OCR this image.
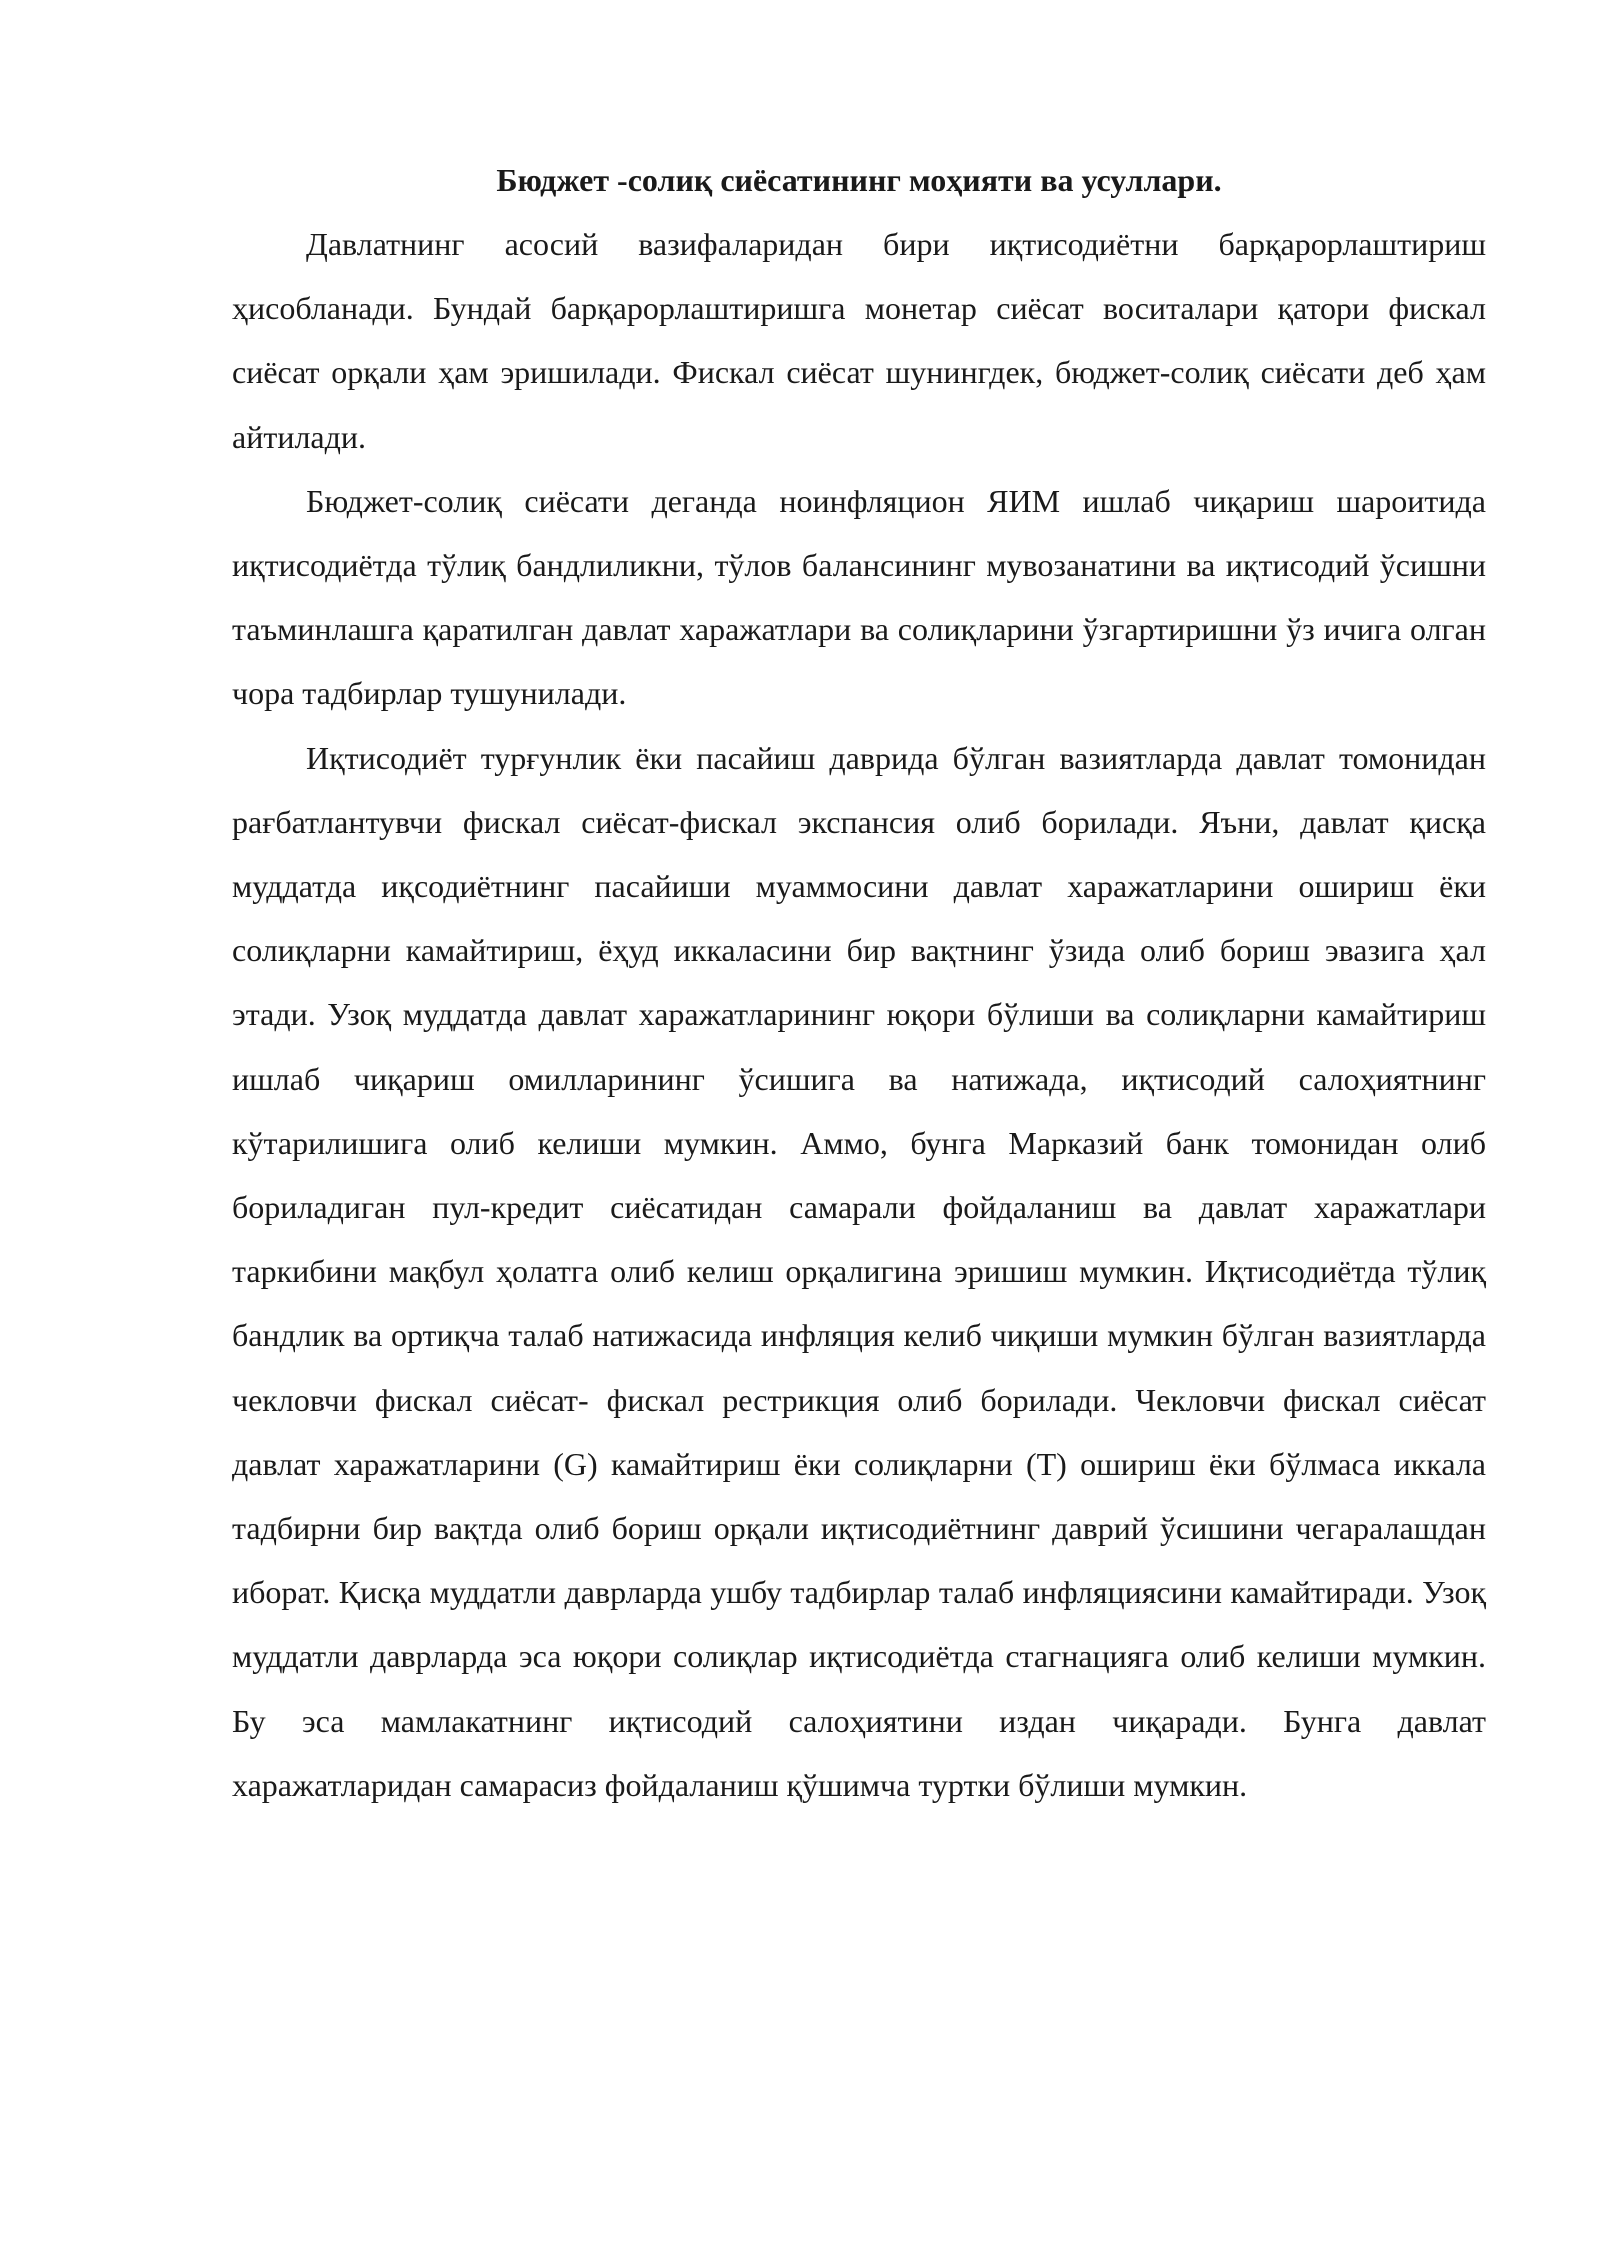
Бюджет -солиқ сиёсатининг моҳияти ва усуллари.

Давлатнинг асосий вазифаларидан бири иқтисодиётни барқарорлаштириш ҳисобланади. Бундай барқарорлаштиришга монетар сиёсат воситалари қатори фискал сиёсат орқали ҳам эришилади. Фискал сиёсат шунингдек, бюджет-солиқ сиёсати деб ҳам айтилади.

Бюджет-солиқ сиёсати деганда ноинфляцион ЯИМ ишлаб чиқариш шароитида иқтисодиётда тўлиқ бандлиликни, тўлов балансининг мувозанатини ва иқтисодий ўсишни таъминлашга қаратилган давлат харажатлари ва солиқларини ўзгартиришни ўз ичига олган чора тадбирлар тушунилади.

Иқтисодиёт турғунлик ёки пасайиш даврида бўлган вазиятларда давлат томонидан рағбатлантувчи фискал сиёсат-фискал экспансия олиб борилади. Яъни, давлат қисқа муддатда иқсодиётнинг пасайиши муаммосини давлат харажатларини ошириш ёки солиқларни камайтириш, ёҳуд иккаласини бир вақтнинг ўзида олиб бориш эвазига ҳал этади. Узоқ муддатда давлат харажатларининг юқори бўлиши ва солиқларни камайтириш ишлаб чиқариш омилларининг ўсишига ва натижада, иқтисодий салоҳиятнинг кўтарилишига олиб келиши мумкин. Аммо, бунга Марказий банк томонидан олиб бориладиган пул-кредит сиёсатидан самарали фойдаланиш ва давлат харажатлари таркибини мақбул ҳолатга олиб келиш орқалигина эришиш мумкин. Иқтисодиётда тўлиқ бандлик ва ортиқча талаб натижасида инфляция келиб чиқиши мумкин бўлган вазиятларда чекловчи фискал сиёсат- фискал рестрикция олиб борилади. Чекловчи фискал сиёсат давлат харажатларини (G) камайтириш ёки солиқларни (T) ошириш ёки бўлмаса иккала тадбирни бир вақтда олиб бориш орқали иқтисодиётнинг даврий ўсишини чегаралашдан иборат. Қисқа муддатли даврларда ушбу тадбирлар талаб инфляциясини камайтиради. Узоқ муддатли даврларда эса юқори солиқлар иқтисодиётда стагнацияга олиб келиши мумкин. Бу эса мамлакатнинг иқтисодий салоҳиятини издан чиқаради. Бунга давлат харажатларидан самарасиз фойдаланиш қўшимча туртки бўлиши мумкин.
